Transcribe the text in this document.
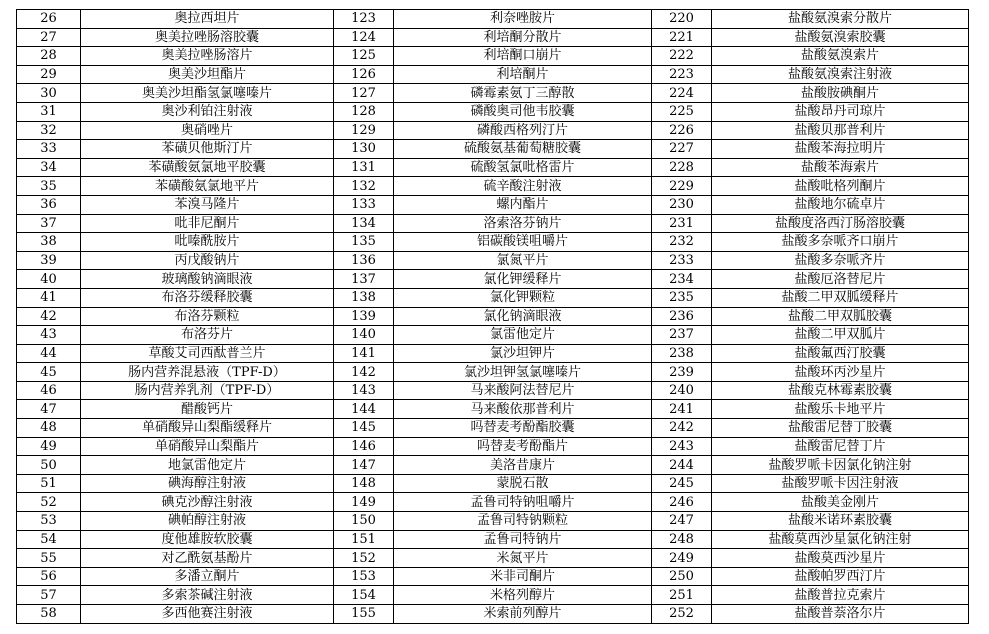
26	奥拉西坦片	123	利奈唑胺片	220	盐酸氨溴索分散片
27	奥美拉唑肠溶胶囊	124	利培酮分散片	221	盐酸氨溴索胶囊
28	奥美拉唑肠溶片	125	利培酮口崩片	222	盐酸氨溴索片
29	奥美沙坦酯片	126	利培酮片	223	盐酸氨溴索注射液
30	奥美沙坦酯氢氯噻嗪片	127	磷霉素氨丁三醇散	224	盐酸胺碘酮片
31	奥沙利铂注射液	128	磷酸奥司他韦胶囊	225	盐酸昂丹司琼片
32	奥硝唑片	129	磷酸西格列汀片	226	盐酸贝那普利片
33	苯磺贝他斯汀片	130	硫酸氨基葡萄糖胶囊	227	盐酸苯海拉明片
34	苯磺酸氨氯地平胶囊	131	硫酸氢氯吡格雷片	228	盐酸苯海索片
35	苯磺酸氨氯地平片	132	硫辛酸注射液	229	盐酸吡格列酮片
36	苯溴马隆片	133	螺内酯片	230	盐酸地尔硫卓片
37	吡非尼酮片	134	洛索洛芬钠片	231	盐酸度洛西汀肠溶胶囊
38	吡嗪酰胺片	135	铝碳酸镁咀嚼片	232	盐酸多奈哌齐口崩片
39	丙戊酸钠片	136	氯氮平片	233	盐酸多奈哌齐片
40	玻璃酸钠滴眼液	137	氯化钾缓释片	234	盐酸厄洛替尼片
41	布洛芬缓释胶囊	138	氯化钾颗粒	235	盐酸二甲双胍缓释片
42	布洛芬颗粒	139	氯化钠滴眼液	236	盐酸二甲双胍胶囊
43	布洛芬片	140	氯雷他定片	237	盐酸二甲双胍片
44	草酸艾司西酞普兰片	141	氯沙坦钾片	238	盐酸氟西汀胶囊
45	肠内营养混悬液（TPF-D）	142	氯沙坦钾氢氯噻嗪片	239	盐酸环丙沙星片
46	肠内营养乳剂（TPF-D）	143	马来酸阿法替尼片	240	盐酸克林霉素胶囊
47	醋酸钙片	144	马来酸依那普利片	241	盐酸乐卡地平片
48	单硝酸异山梨酯缓释片	145	吗替麦考酚酯胶囊	242	盐酸雷尼替丁胶囊
49	单硝酸异山梨酯片	146	吗替麦考酚酯片	243	盐酸雷尼替丁片
50	地氯雷他定片	147	美洛昔康片	244	盐酸罗哌卡因氯化钠注射
51	碘海醇注射液	148	蒙脱石散	245	盐酸罗哌卡因注射液
52	碘克沙醇注射液	149	孟鲁司特钠咀嚼片	246	盐酸美金刚片
53	碘帕醇注射液	150	孟鲁司特钠颗粒	247	盐酸米诺环素胶囊
54	度他雄胺软胶囊	151	孟鲁司特钠片	248	盐酸莫西沙星氯化钠注射
55	对乙酰氨基酚片	152	米氮平片	249	盐酸莫西沙星片
56	多潘立酮片	153	米非司酮片	250	盐酸帕罗西汀片
57	多索茶碱注射液	154	米格列醇片	251	盐酸普拉克索片
58	多西他赛注射液	155	米索前列醇片	252	盐酸普萘洛尔片
